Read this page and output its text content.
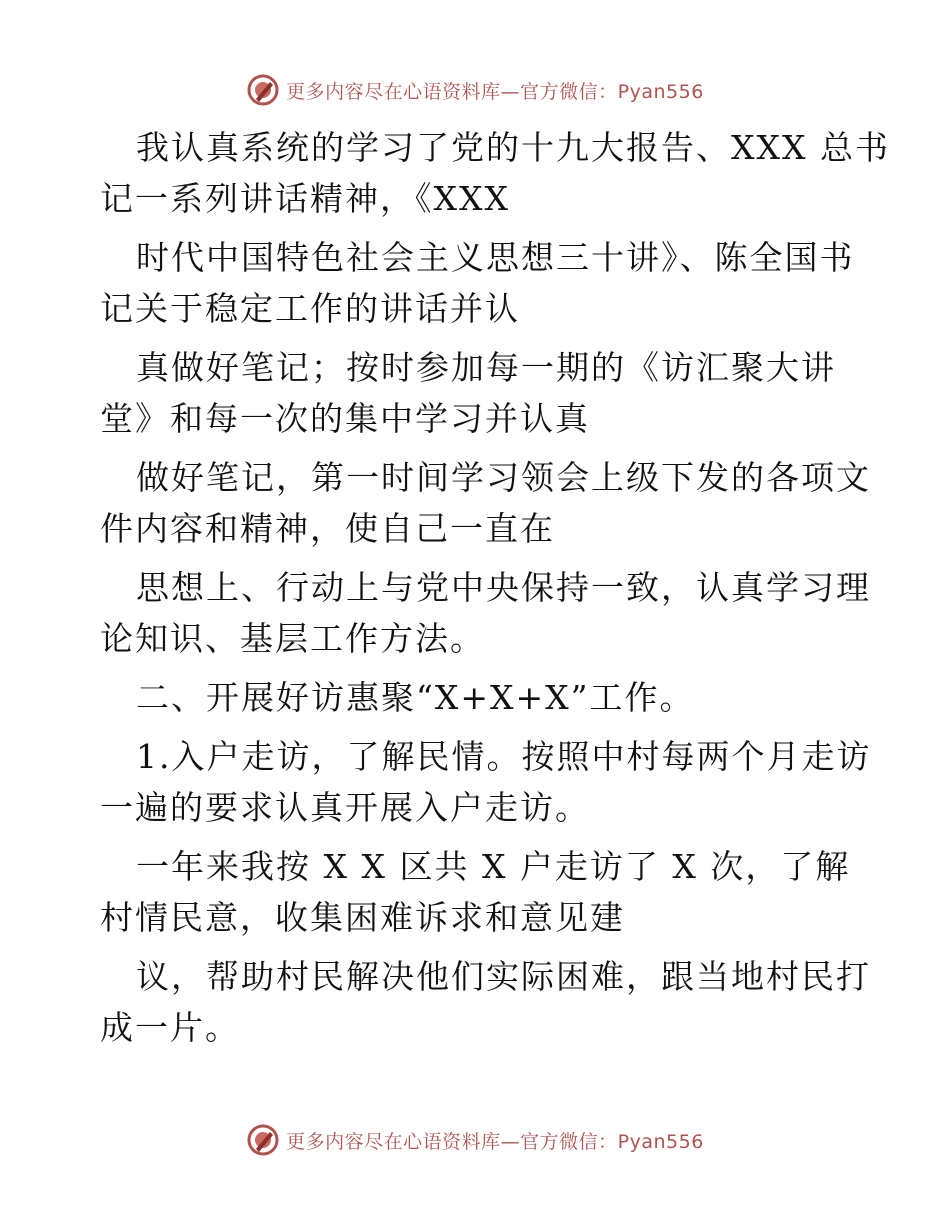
更多内容尽在心语资料库—官方微信：Pyan556
我认真系统的学习了党的十九大报告、XXX 总书
记一系列讲话精神，《XXX
时代中国特色社会主义思想三十讲》、陈全国书
记关于稳定工作的讲话并认
真做好笔记；按时参加每一期的《访汇聚大讲
堂》和每一次的集中学习并认真
做好笔记，第一时间学习领会上级下发的各项文
件内容和精神，使自己一直在
思想上、行动上与党中央保持一致，认真学习理
论知识、基层工作方法。
二、开展好访惠聚“X+X+X”工作。
1.入户走访，了解民情。按照中村每两个月走访
一遍的要求认真开展入户走访。
一年来我按 X X 区共 X 户走访了 X 次，了解
村情民意，收集困难诉求和意见建
议，帮助村民解决他们实际困难，跟当地村民打
成一片。
更多内容尽在心语资料库—官方微信：Pyan556
